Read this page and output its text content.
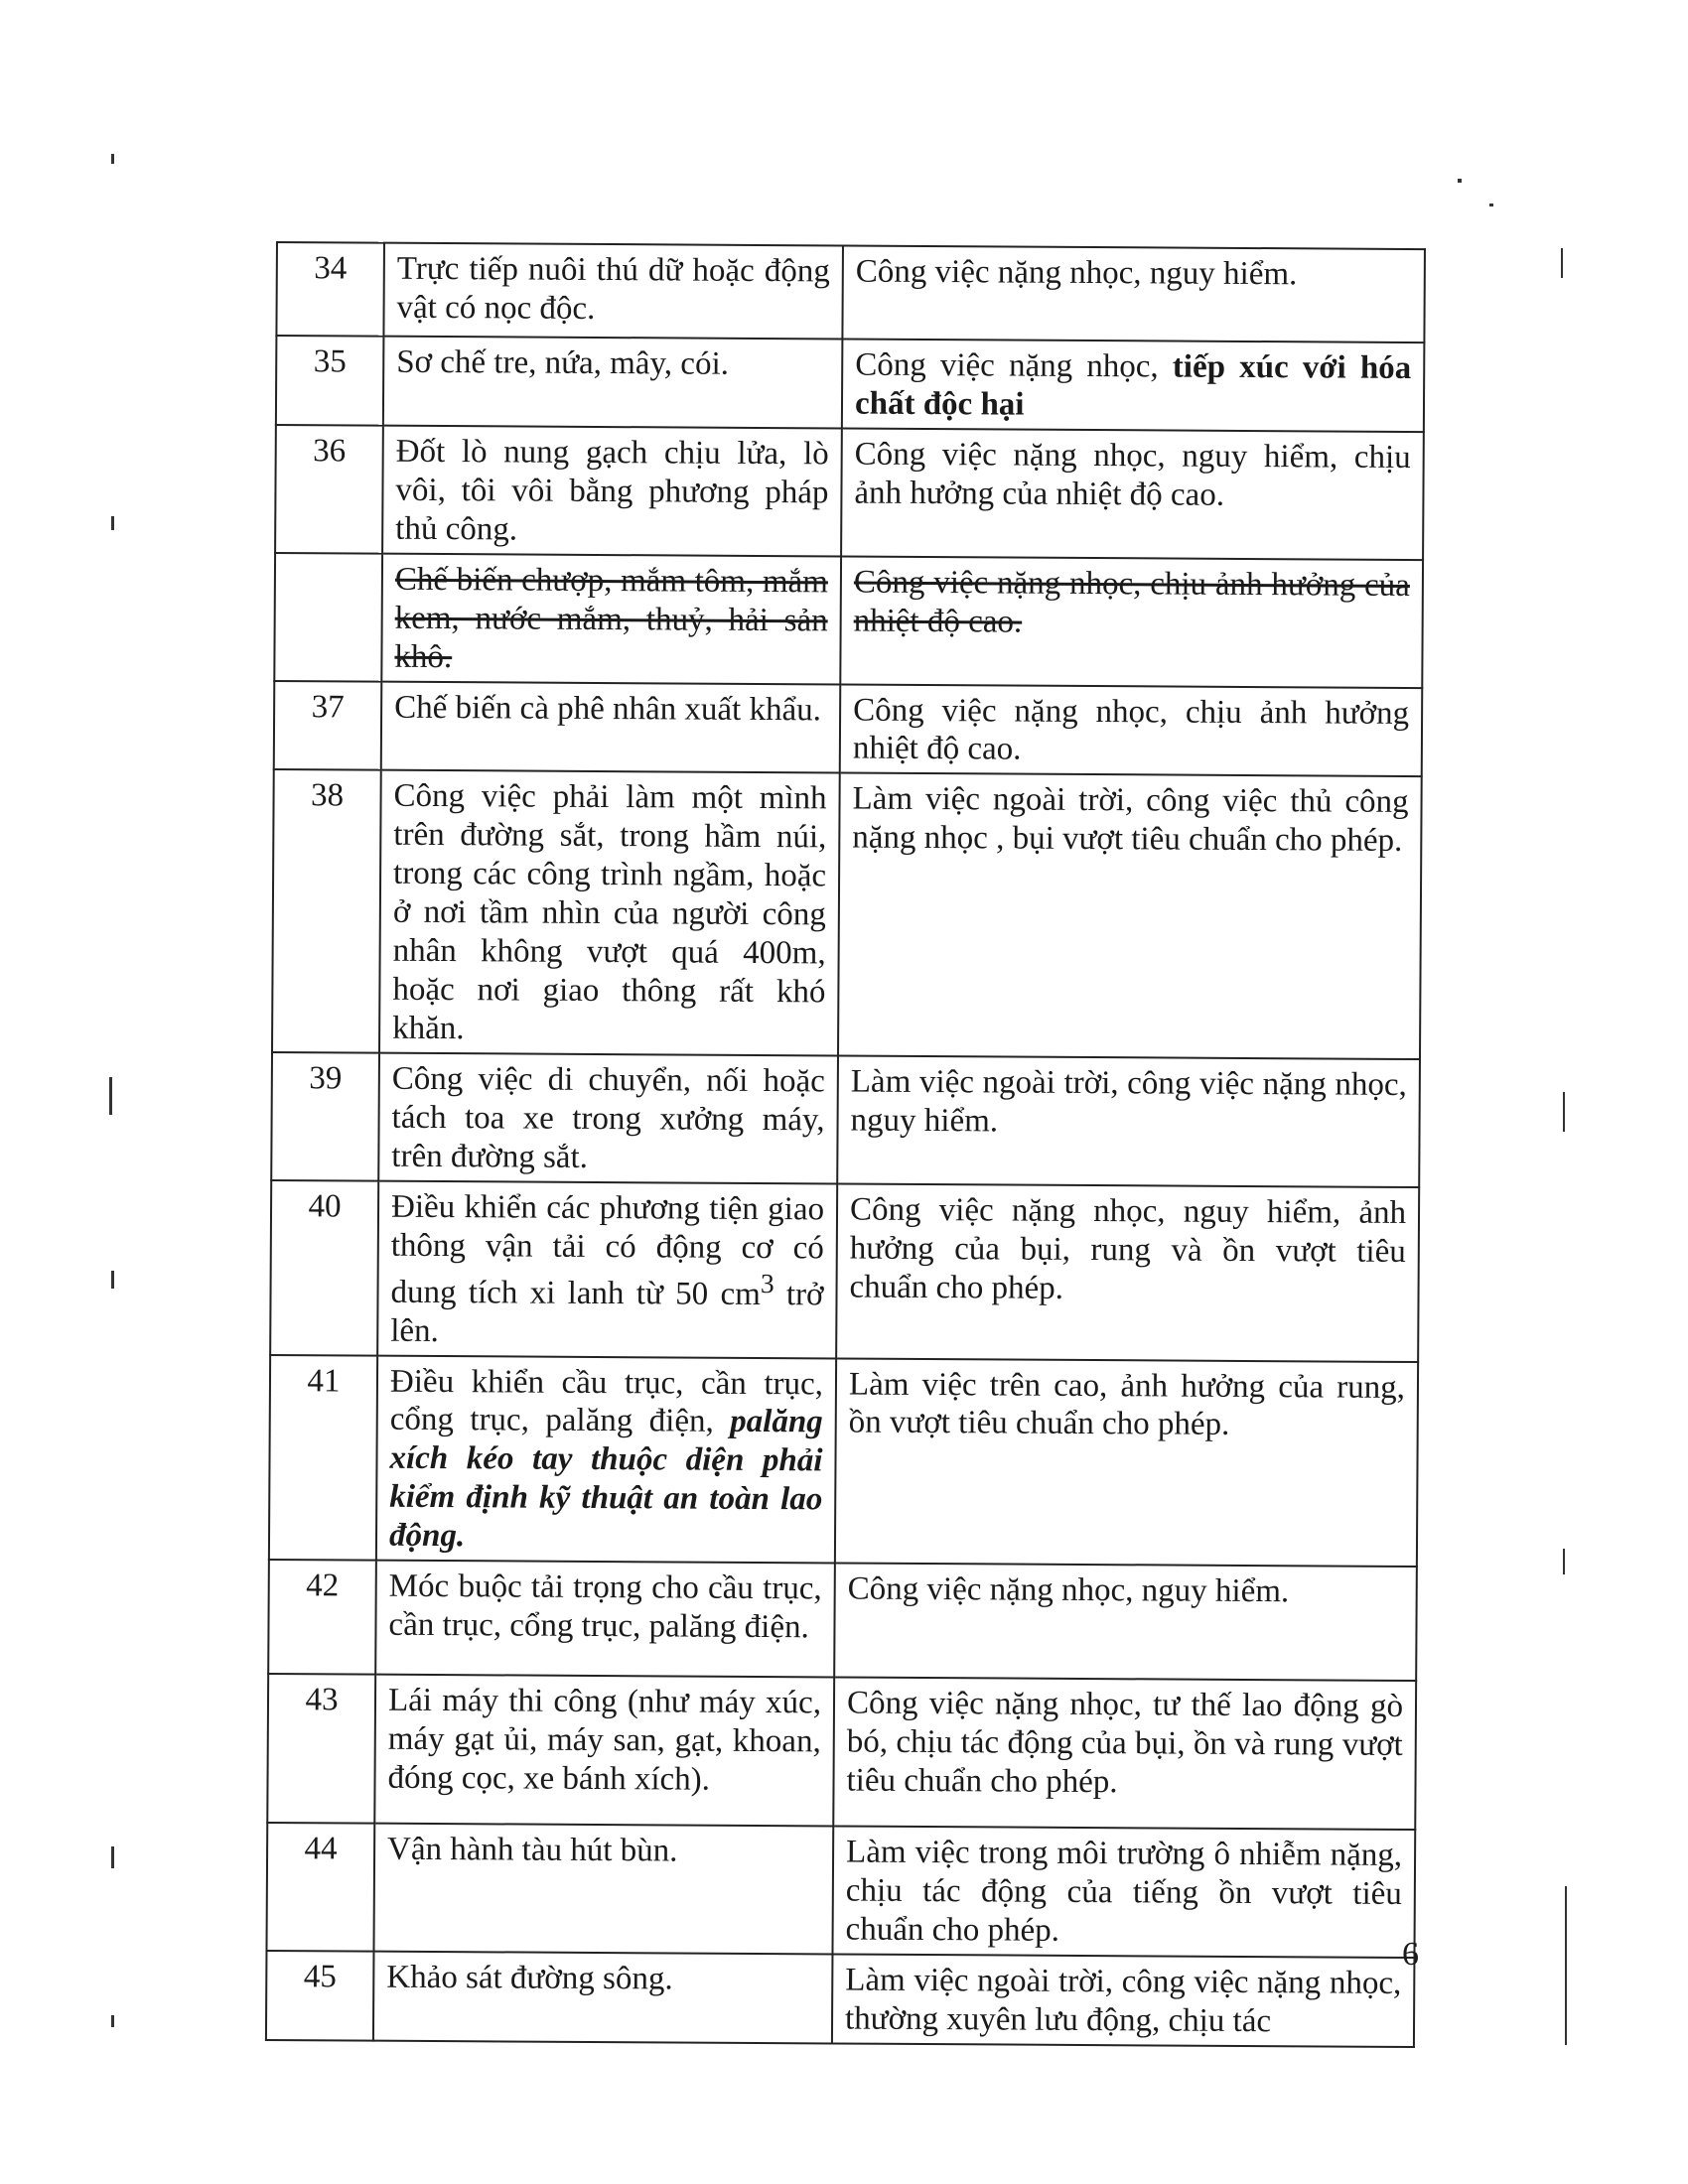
34	Trực tiếp nuôi thú dữ hoặc động vật có nọc độc.	Công việc nặng nhọc, nguy hiểm.
35	Sơ chế tre, nứa, mây, cói.	Công việc nặng nhọc, tiếp xúc với hóa chất độc hại
36	Đốt lò nung gạch chịu lửa, lò vôi, tôi vôi bằng phương pháp thủ công.	Công việc nặng nhọc, nguy hiểm, chịu ảnh hưởng của nhiệt độ cao.
	Chế biến chượp, mắm tôm, mắm kem, nước mắm, thuỷ, hải sản khô.	Công việc nặng nhọc, chịu ảnh hưởng của nhiệt độ cao.
37	Chế biến cà phê nhân xuất khẩu.	Công việc nặng nhọc, chịu ảnh hưởng nhiệt độ cao.
38	Công việc phải làm một mình trên đường sắt, trong hầm núi, trong các công trình ngầm, hoặc ở nơi tầm nhìn của người công nhân không vượt quá 400m, hoặc nơi giao thông rất khó khăn.	Làm việc ngoài trời, công việc thủ công nặng nhọc , bụi vượt tiêu chuẩn cho phép.
39	Công việc di chuyển, nối hoặc tách toa xe trong xưởng máy, trên đường sắt.	Làm việc ngoài trời, công việc nặng nhọc, nguy hiểm.
40	Điều khiển các phương tiện giao thông vận tải có động cơ có dung tích xi lanh từ 50 $cm^3$ trở lên.	Công việc nặng nhọc, nguy hiểm, ảnh hưởng của bụi, rung và ồn vượt tiêu chuẩn cho phép.
41	Điều khiển cầu trục, cần trục, cổng trục, palăng điện, palăng xích kéo tay thuộc diện phải kiểm định kỹ thuật an toàn lao động.	Làm việc trên cao, ảnh hưởng của rung, ồn vượt tiêu chuẩn cho phép.
42	Móc buộc tải trọng cho cầu trục, cần trục, cổng trục, palăng điện.	Công việc nặng nhọc, nguy hiểm.
43	Lái máy thi công (như máy xúc, máy gạt ủi, máy san, gạt, khoan, đóng cọc, xe bánh xích).	Công việc nặng nhọc, tư thế lao động gò bó, chịu tác động của bụi, ồn và rung vượt tiêu chuẩn cho phép.
44	Vận hành tàu hút bùn.	Làm việc trong môi trường ô nhiễm nặng, chịu tác động của tiếng ồn vượt tiêu chuẩn cho phép.
45	Khảo sát đường sông.	Làm việc ngoài trời, công việc nặng nhọc, thường xuyên lưu động, chịu tác
6
